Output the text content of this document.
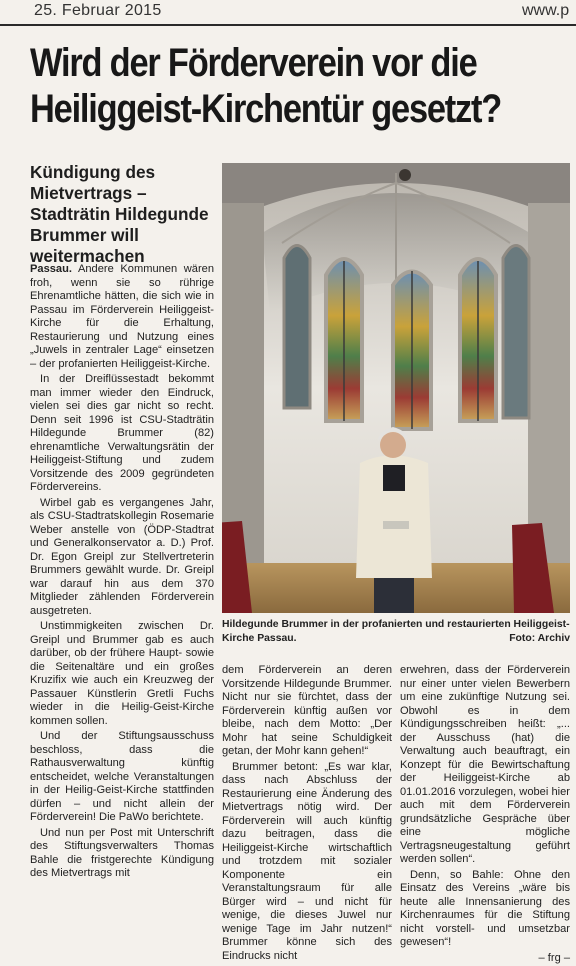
25. Februar 2015	www.p
Wird der Förderverein vor die
Heiliggeist-Kirchentür gesetzt?
Kündigung des Mietvertrags – Stadträtin Hildegunde Brummer will weitermachen

Passau. Andere Kommunen wären froh, wenn sie so rührige Ehrenamtliche hätten, die sich wie in Passau im Förderverein Heiliggeist-Kirche für die Erhaltung, Restaurierung und Nutzung eines „Juwels in zentraler Lage“ einsetzen – der profanierten Heiliggeist-Kirche.

In der Dreiflüssestadt bekommt man immer wieder den Eindruck, vielen sei dies gar nicht so recht. Denn seit 1996 ist CSU-Stadträtin Hildegunde Brummer (82) ehrenamtliche Verwaltungsrätin der Heiliggeist-Stiftung und zudem Vorsitzende des 2009 gegründeten Fördervereins.

Wirbel gab es vergangenes Jahr, als CSU-Stadtratskollegin Rosemarie Weber anstelle von (ÖDP-Stadtrat und Generalkonservator a. D.) Prof. Dr. Egon Greipl zur Stellvertreterin Brummers gewählt wurde. Dr. Greipl war darauf hin aus dem 370 Mitglieder zählenden Förderverein ausgetreten.

Unstimmigkeiten zwischen Dr. Greipl und Brummer gab es auch darüber, ob der frühere Haupt- sowie die Seitenaltäre und ein großes Kruzifix wie auch ein Kreuzweg der Passauer Künstlerin Gretli Fuchs wieder in die Heilig-Geist-Kirche kommen sollen.

Und der Stiftungsausschuss beschloss, dass die Rathausverwaltung künftig entscheidet, welche Veranstaltungen in der Heilig-Geist-Kirche stattfinden dürfen – und nicht allein der Förderverein! Die PaWo berichtete.

Und nun per Post mit Unterschrift des Stiftungsverwalters Thomas Bahle die fristgerechte Kündigung des Mietvertrags mit

Hildegunde Brummer in der profanierten und restaurierten Heiliggeist-Kirche Passau.	Foto: Archiv

dem Förderverein an deren Vorsitzende Hildegunde Brummer. Nicht nur sie fürchtet, dass der Förderverein künftig außen vor bleibe, nach dem Motto: „Der Mohr hat seine Schuldigkeit getan, der Mohr kann gehen!“

Brummer betont: „Es war klar, dass nach Abschluss der Restaurierung eine Änderung des Mietvertrags nötig wird. Der Förderverein will auch künftig dazu beitragen, dass die Heiliggeist-Kirche wirtschaftlich und trotzdem mit sozialer Komponente ein Veranstaltungsraum für alle Bürger wird – und nicht für wenige, die dieses Juwel nur wenige Tage im Jahr nutzen!“ Brummer könne sich des Eindrucks nicht

erwehren, dass der Förderverein nur einer unter vielen Bewerbern um eine zukünftige Nutzung sei. Obwohl es in dem Kündigungsschreiben heißt: „... der Ausschuss (hat) die Verwaltung auch beauftragt, ein Konzept für die Bewirtschaftung der Heiliggeist-Kirche ab 01.01.2016 vorzulegen, wobei hier auch mit dem Förderverein grundsätzliche Gespräche über eine mögliche Vertragsneugestaltung geführt werden sollen“.

Denn, so Bahle: Ohne den Einsatz des Vereins „wäre bis heute alle Innensanierung des Kirchenraumes für die Stiftung nicht vorstell- und umsetzbar gewesen“!

– frg –
